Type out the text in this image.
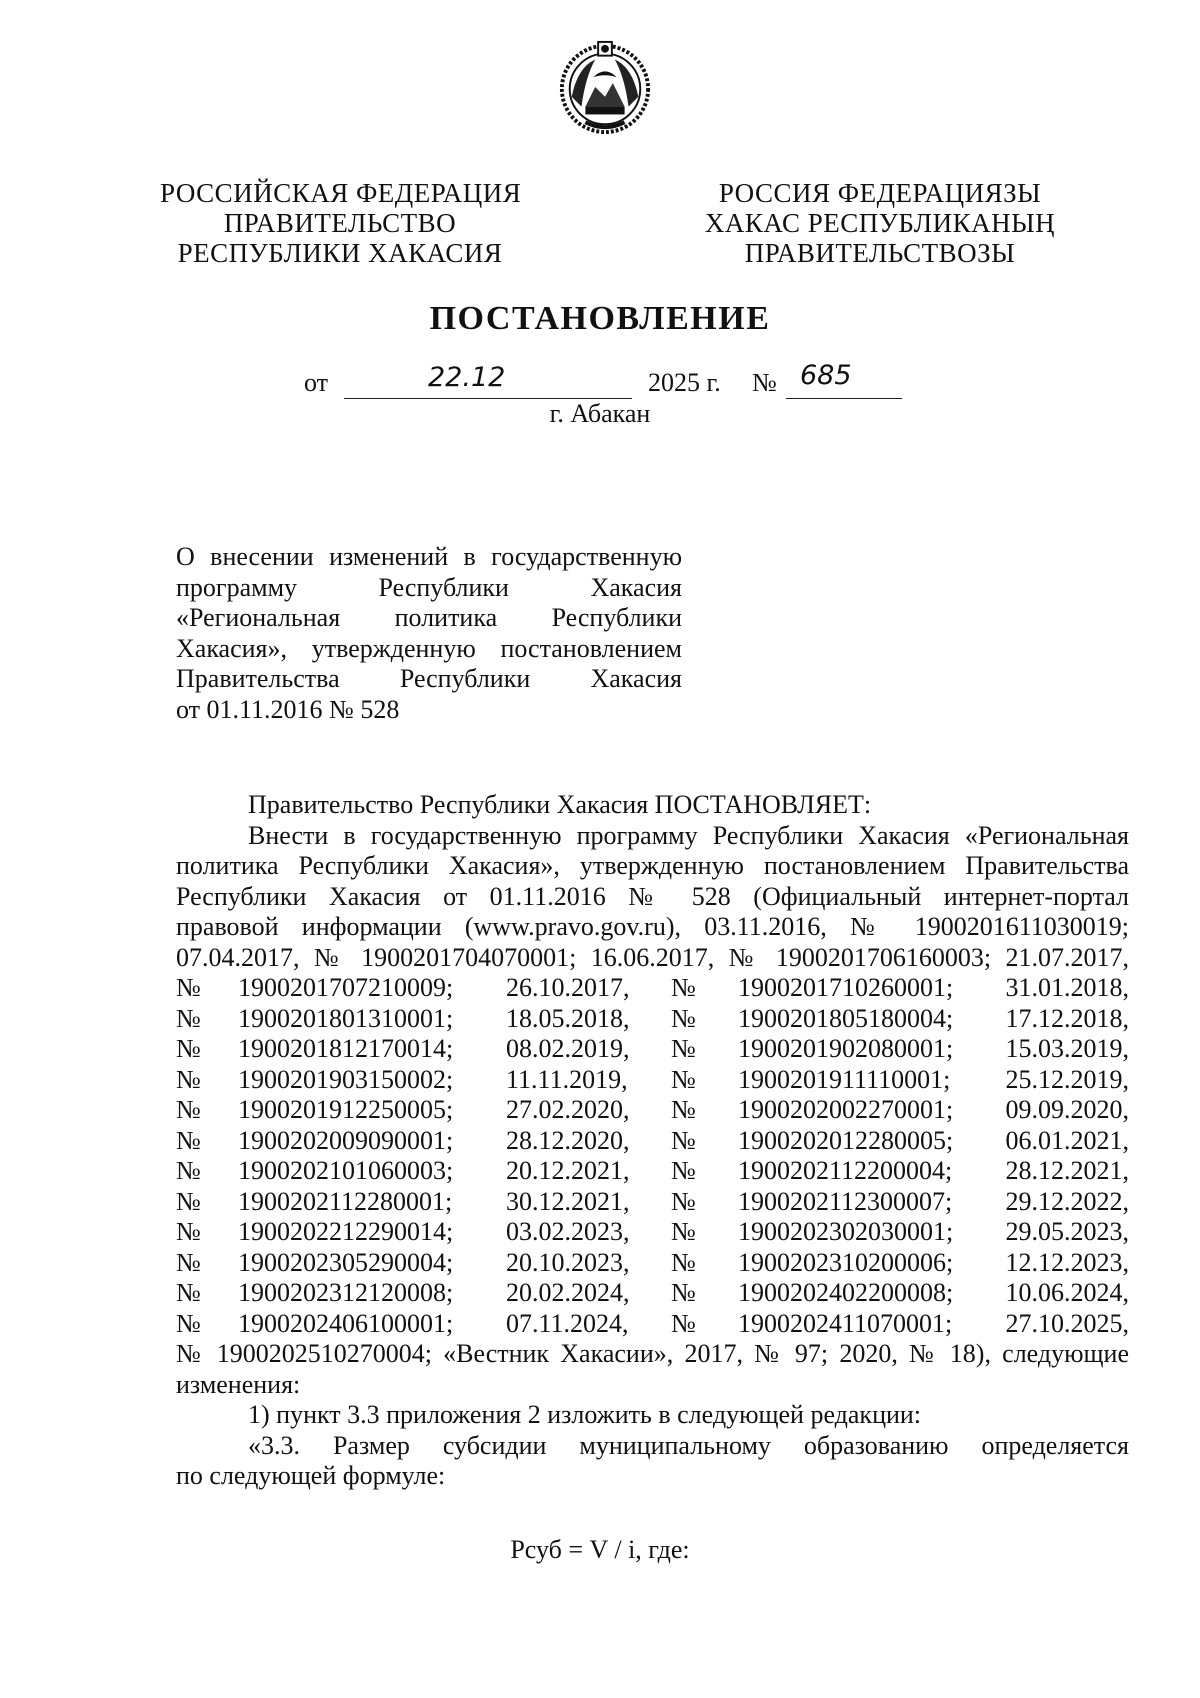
РОССИЙСКАЯ ФЕДЕРАЦИЯ
ПРАВИТЕЛЬСТВО
РЕСПУБЛИКИ ХАКАСИЯ
РОССИЯ ФЕДЕРАЦИЯЗЫ
ХАКАС РЕСПУБЛИКАНЫҢ
ПРАВИТЕЛЬСТВОЗЫ
ПОСТАНОВЛЕНИЕ
от	22.12	2025 г. № 685
г. Абакан
О внесении изменений в государственную
программу Республики Хакасия
«Региональная политика Республики
Хакасия», утвержденную постановлением
Правительства Республики Хакасия
от 01.11.2016 № 528
Правительство Республики Хакасия ПОСТАНОВЛЯЕТ:
Внести в государственную программу Республики Хакасия «Региональная
политика Республики Хакасия», утвержденную постановлением Правительства
Республики Хакасия от 01.11.2016 № 528 (Официальный интернет-портал
правовой информации (www.pravo.gov.ru), 03.11.2016, № 1900201611030019;
07.04.2017, № 1900201704070001; 16.06.2017, № 1900201706160003; 21.07.2017,
№ 1900201707210009; 26.10.2017, № 1900201710260001; 31.01.2018,
№ 1900201801310001; 18.05.2018, № 1900201805180004; 17.12.2018,
№ 1900201812170014; 08.02.2019, № 1900201902080001; 15.03.2019,
№ 1900201903150002; 11.11.2019, № 1900201911110001; 25.12.2019,
№ 1900201912250005; 27.02.2020, № 1900202002270001; 09.09.2020,
№ 1900202009090001; 28.12.2020, № 1900202012280005; 06.01.2021,
№ 1900202101060003; 20.12.2021, № 1900202112200004; 28.12.2021,
№ 1900202112280001; 30.12.2021, № 1900202112300007; 29.12.2022,
№ 1900202212290014; 03.02.2023, № 1900202302030001; 29.05.2023,
№ 1900202305290004; 20.10.2023, № 1900202310200006; 12.12.2023,
№ 1900202312120008; 20.02.2024, № 1900202402200008; 10.06.2024,
№ 1900202406100001; 07.11.2024, № 1900202411070001; 27.10.2025,
№ 1900202510270004; «Вестник Хакасии», 2017, № 97; 2020, № 18), следующие
изменения:
1) пункт 3.3 приложения 2 изложить в следующей редакции:
«3.3. Размер субсидии муниципальному образованию определяется
по следующей формуле:
Рсуб = V / i, где:
